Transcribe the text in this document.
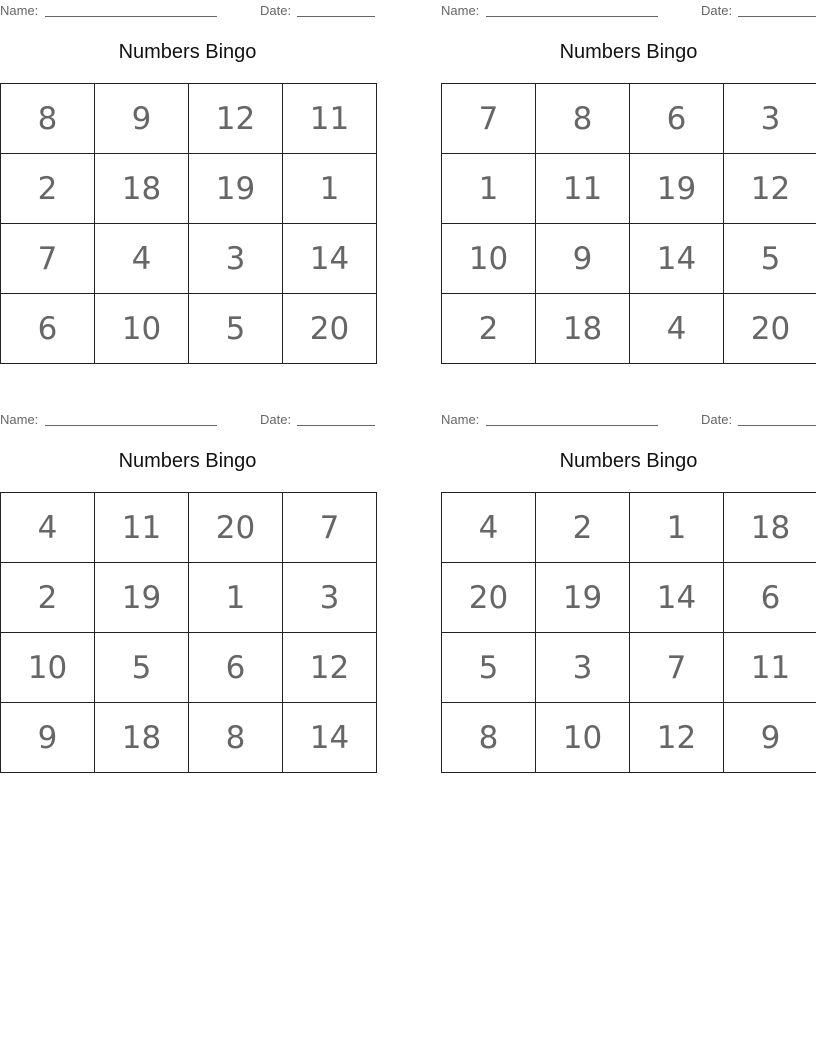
Name:	Date:
Numbers Bingo
8	9	12	11
2	18	19	1
7	4	3	14
6	10	5	20
Name:	Date:
Numbers Bingo
7	8	6	3
1	11	19	12
10	9	14	5
2	18	4	20
Name:	Date:
Numbers Bingo
4	11	20	7
2	19	1	3
10	5	6	12
9	18	8	14
Name:	Date:
Numbers Bingo
4	2	1	18
20	19	14	6
5	3	7	11
8	10	12	9
